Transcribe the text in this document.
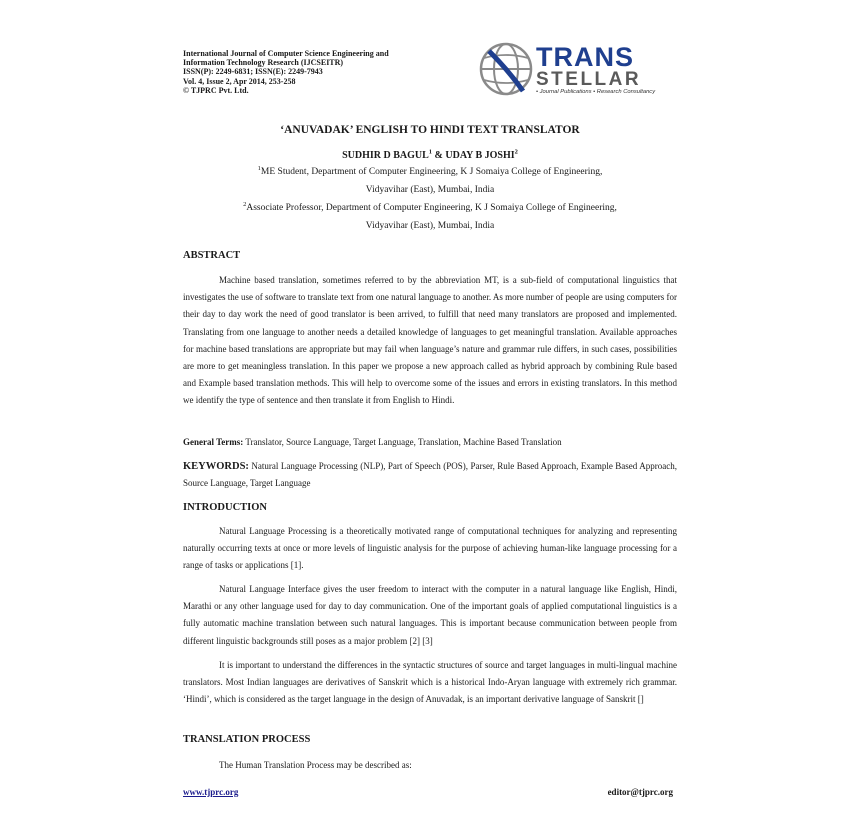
International Journal of Computer Science Engineering and
Information Technology Research (IJCSEITR)
ISSN(P): 2249-6831; ISSN(E): 2249-7943
Vol. 4, Issue 2, Apr 2014, 253-258
© TJPRC Pvt. Ltd.
TRANS
STELLAR
• Journal Publications • Research Consultancy
‘ANUVADAK’ ENGLISH TO HINDI TEXT TRANSLATOR
SUDHIR D BAGUL$^1$ & UDAY B JOSHI$^2$
$^1$ME Student, Department of Computer Engineering, K J Somaiya College of Engineering,
Vidyavihar (East), Mumbai, India
$^2$Associate Professor, Department of Computer Engineering, K J Somaiya College of Engineering,
Vidyavihar (East), Mumbai, India
ABSTRACT
Machine based translation, sometimes referred to by the abbreviation MT, is a sub-field of computational linguistics that investigates the use of software to translate text from one natural language to another. As more number of people are using computers for their day to day work the need of good translator is been arrived, to fulfill that need many translators are proposed and implemented. Translating from one language to another needs a detailed knowledge of languages to get meaningful translation. Available approaches for machine based translations are appropriate but may fail when language’s nature and grammar rule differs, in such cases, possibilities are more to get meaningless translation. In this paper we propose a new approach called as hybrid approach by combining Rule based and Example based translation methods. This will help to overcome some of the issues and errors in existing translators. In this method we identify the type of sentence and then translate it from English to Hindi.
General Terms: Translator, Source Language, Target Language, Translation, Machine Based Translation
KEYWORDS: Natural Language Processing (NLP), Part of Speech (POS), Parser, Rule Based Approach, Example Based Approach, Source Language, Target Language
INTRODUCTION
Natural Language Processing is a theoretically motivated range of computational techniques for analyzing and representing naturally occurring texts at once or more levels of linguistic analysis for the purpose of achieving human-like language processing for a range of tasks or applications [1].
Natural Language Interface gives the user freedom to interact with the computer in a natural language like English, Hindi, Marathi or any other language used for day to day communication. One of the important goals of applied computational linguistics is a fully automatic machine translation between such natural languages. This is important because communication between people from different linguistic backgrounds still poses as a major problem [2] [3]
It is important to understand the differences in the syntactic structures of source and target languages in multi-lingual machine translators. Most Indian languages are derivatives of Sanskrit which is a historical Indo-Aryan language with extremely rich grammar. ‘Hindi’, which is considered as the target language in the design of Anuvadak, is an important derivative language of Sanskrit []
TRANSLATION PROCESS
The Human Translation Process may be described as:
www.tjprc.org	editor@tjprc.org
